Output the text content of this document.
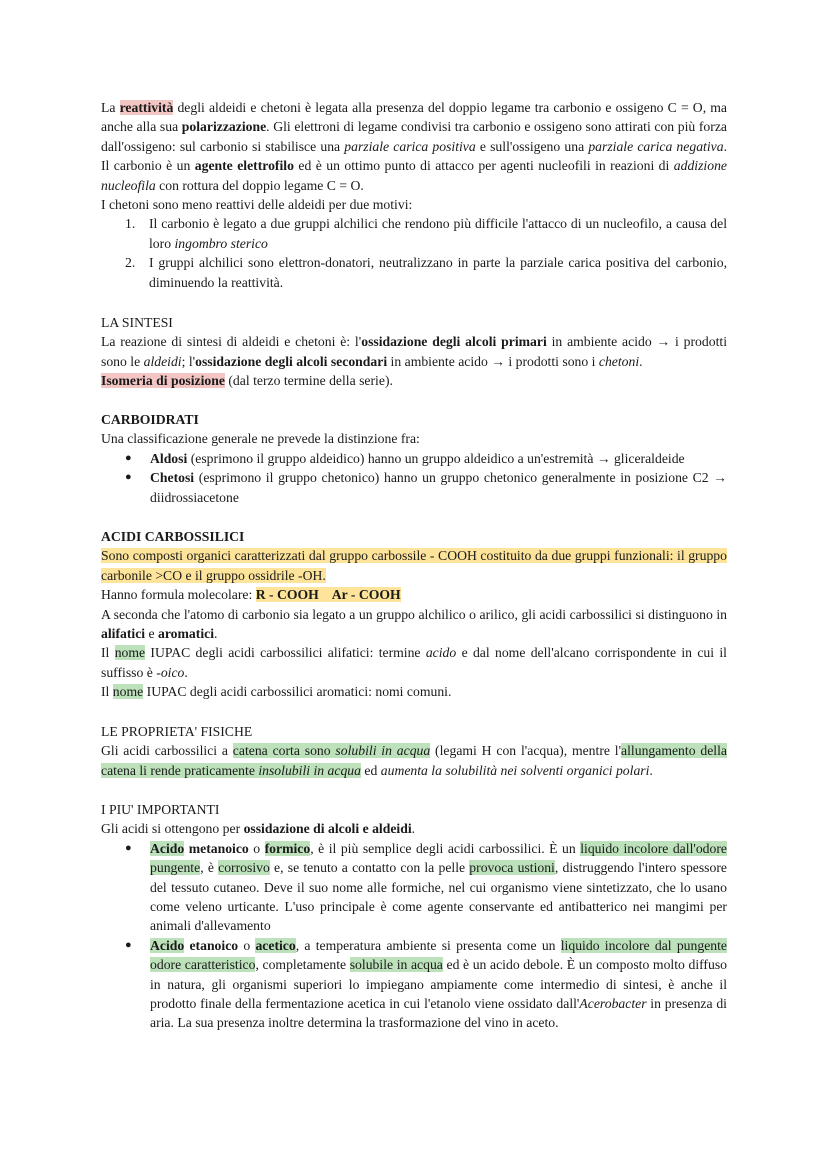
La reattività degli aldeidi e chetoni è legata alla presenza del doppio legame tra carbonio e ossigeno C = O, ma anche alla sua polarizzazione. Gli elettroni di legame condivisi tra carbonio e ossigeno sono attirati con più forza dall'ossigeno: sul carbonio si stabilisce una parziale carica positiva e sull'ossigeno una parziale carica negativa. Il carbonio è un agente elettrofilo ed è un ottimo punto di attacco per agenti nucleofili in reazioni di addizione nucleofila con rottura del doppio legame C = O.

I chetoni sono meno reattivi delle aldeidi per due motivi:

1. Il carbonio è legato a due gruppi alchilici che rendono più difficile l'attacco di un nucleofilo, a causa del loro ingombro sterico
2. I gruppi alchilici sono elettron-donatori, neutralizzano in parte la parziale carica positiva del carbonio, diminuendo la reattività.

LA SINTESI

La reazione di sintesi di aldeidi e chetoni è: l'ossidazione degli alcoli primari in ambiente acido → i prodotti sono le aldeidi; l'ossidazione degli alcoli secondari in ambiente acido → i prodotti sono i chetoni.

Isomeria di posizione (dal terzo termine della serie).

CARBOIDRATI

Una classificazione generale ne prevede la distinzione fra:

● Aldosi (esprimono il gruppo aldeidico) hanno un gruppo aldeidico a un'estremità → gliceraldeide
● Chetosi (esprimono il gruppo chetonico) hanno un gruppo chetonico generalmente in posizione C2 → diidrossiacetone

ACIDI CARBOSSILICI

Sono composti organici caratterizzati dal gruppo carbossile - COOH costituito da due gruppi funzionali: il gruppo carbonile >CO e il gruppo ossidrile -OH.

Hanno formula molecolare: R - COOH    Ar - COOH

A seconda che l'atomo di carbonio sia legato a un gruppo alchilico o arilico, gli acidi carbossilici si distinguono in alifatici e aromatici.

Il nome IUPAC degli acidi carbossilici alifatici: termine acido e dal nome dell'alcano corrispondente in cui il suffisso è -oico.

Il nome IUPAC degli acidi carbossilici aromatici: nomi comuni.

LE PROPRIETA' FISICHE

Gli acidi carbossilici a catena corta sono solubili in acqua (legami H con l'acqua), mentre l'allungamento della catena li rende praticamente insolubili in acqua ed aumenta la solubilità nei solventi organici polari.

I PIU' IMPORTANTI

Gli acidi si ottengono per ossidazione di alcoli e aldeidi.

● Acido metanoico o formico, è il più semplice degli acidi carbossilici. È un liquido incolore dall'odore pungente, è corrosivo e, se tenuto a contatto con la pelle provoca ustioni, distruggendo l'intero spessore del tessuto cutaneo. Deve il suo nome alle formiche, nel cui organismo viene sintetizzato, che lo usano come veleno urticante. L'uso principale è come agente conservante ed antibatterico nei mangimi per animali d'allevamento
● Acido etanoico o acetico, a temperatura ambiente si presenta come un liquido incolore dal pungente odore caratteristico, completamente solubile in acqua ed è un acido debole. È un composto molto diffuso in natura, gli organismi superiori lo impiegano ampiamente come intermedio di sintesi, è anche il prodotto finale della fermentazione acetica in cui l'etanolo viene ossidato dall'Acerobacter in presenza di aria. La sua presenza inoltre determina la trasformazione del vino in aceto.
